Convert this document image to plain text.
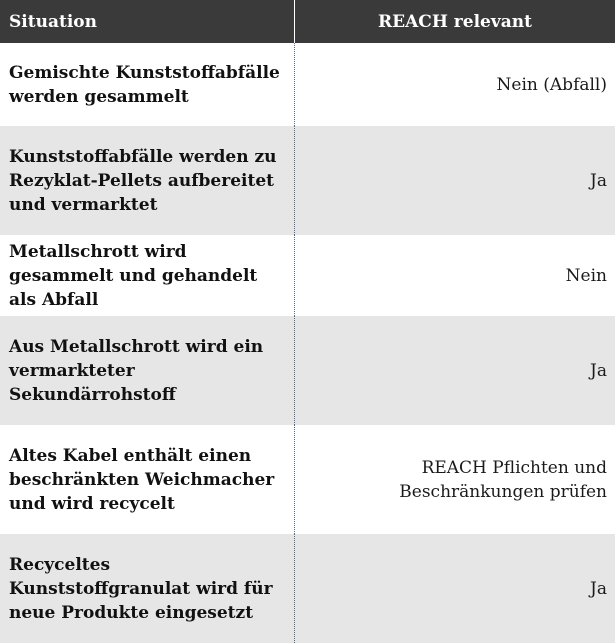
Situation	REACH relevant
Gemischte Kunststoffabfälle werden gesammelt	Nein (Abfall)
Kunststoffabfälle werden zu Rezyklat-Pellets aufbereitet und vermarktet	Ja
Metallschrott wird gesammelt und gehandelt als Abfall	Nein
Aus Metallschrott wird ein vermarkteter Sekundärrohstoff	Ja
Altes Kabel enthält einen beschränkten Weichmacher und wird recycelt	REACH Pflichten und Beschränkungen prüfen
Recyceltes Kunststoffgranulat wird für neue Produkte eingesetzt	Ja
